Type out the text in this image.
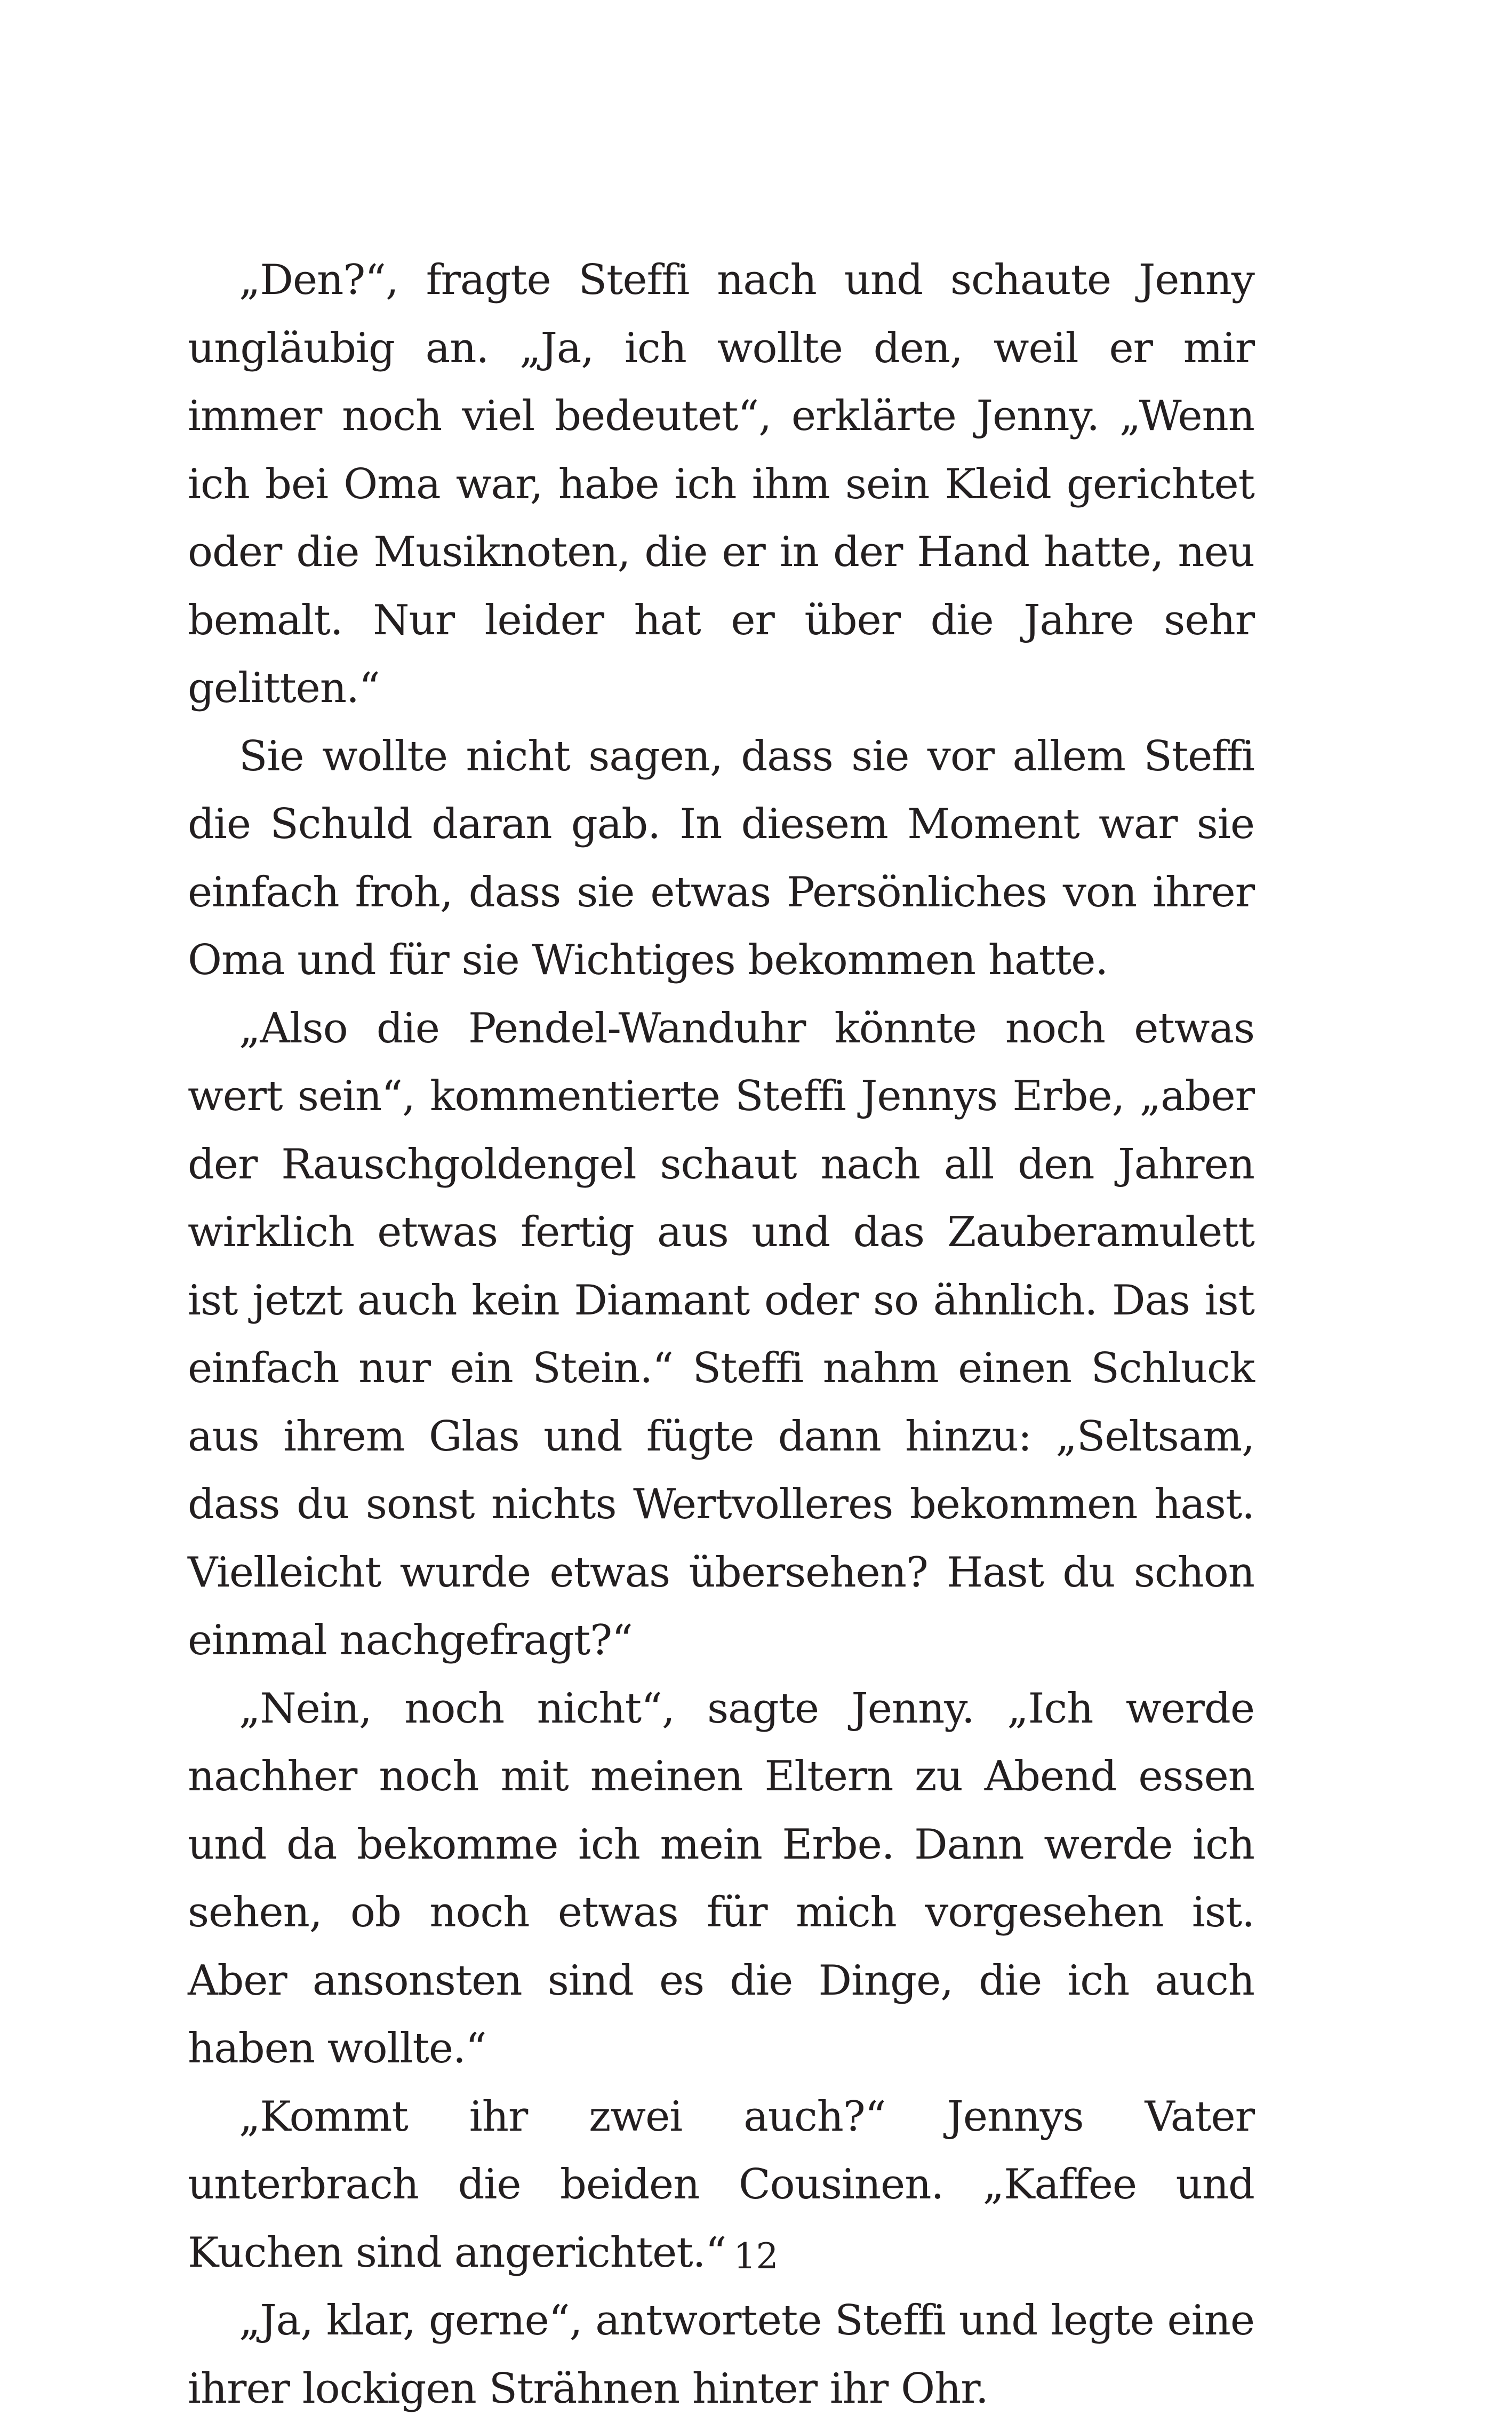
„Den?“, fragte Steffi nach und schaute Jenny ungläubig an. „Ja, ich wollte den, weil er mir immer noch viel bedeutet“, erklärte Jenny. „Wenn ich bei Oma war, habe ich ihm sein Kleid gerichtet oder die Musiknoten, die er in der Hand hatte, neu bemalt. Nur leider hat er über die Jahre sehr gelitten.“

Sie wollte nicht sagen, dass sie vor allem Steffi die Schuld daran gab. In diesem Moment war sie einfach froh, dass sie etwas Persönliches von ihrer Oma und für sie Wichtiges bekommen hatte.

„Also die Pendel-Wanduhr könnte noch etwas wert sein“, kommentierte Steffi Jennys Erbe, „aber der Rauschgoldengel schaut nach all den Jahren wirklich etwas fertig aus und das Zauberamulett ist jetzt auch kein Diamant oder so ähnlich. Das ist einfach nur ein Stein.“ Steffi nahm einen Schluck aus ihrem Glas und fügte dann hinzu: „Seltsam, dass du sonst nichts Wertvolleres bekommen hast. Vielleicht wurde etwas übersehen? Hast du schon einmal nachgefragt?“

„Nein, noch nicht“, sagte Jenny. „Ich werde nachher noch mit meinen Eltern zu Abend essen und da bekomme ich mein Erbe. Dann werde ich sehen, ob noch etwas für mich vorgesehen ist. Aber ansonsten sind es die Dinge, die ich auch haben wollte.“

„Kommt ihr zwei auch?“ Jennys Vater unterbrach die beiden Cousinen. „Kaffee und Kuchen sind angerichtet.“

„Ja, klar, gerne“, antwortete Steffi und legte eine ihrer lockigen Strähnen hinter ihr Ohr.

12
